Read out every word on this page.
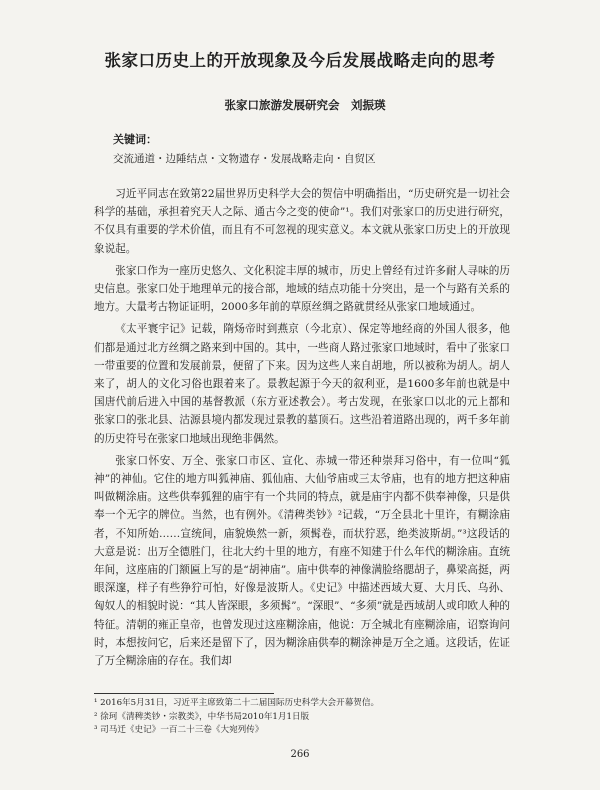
张家口历史上的开放现象及今后发展战略走向的思考
张家口旅游发展研究会　刘振瑛
关键词：
交流通道・边陲结点・文物遗存・发展战略走向・自贸区

习近平同志在致第22届世界历史科学大会的贺信中明确指出，“历史研究是一切社会科学的基础，承担着究天人之际、通古今之变的使命”¹。我们对张家口的历史进行研究，不仅具有重要的学术价值，而且有不可忽视的现实意义。本文就从张家口历史上的开放现象说起。

张家口作为一座历史悠久、文化积淀丰厚的城市，历史上曾经有过许多耐人寻味的历史信息。张家口处于地理单元的接合部，地域的结点功能十分突出，是一个与路有关系的地方。大量考古物证证明，2000多年前的草原丝绸之路就贯经从张家口地域通过。

《太平寰宇记》记载，隋炀帝时到燕京（今北京）、保定等地经商的外国人很多，他们都是通过北方丝绸之路来到中国的。其中，一些商人路过张家口地域时，看中了张家口一带重要的位置和发展前景，便留了下来。因为这些人来自胡地，所以被称为胡人。胡人来了，胡人的文化习俗也跟着来了。景教起源于今天的叙利亚，是1600多年前也就是中国唐代前后进入中国的基督教派（东方亚述教会）。考古发现，在张家口以北的元上都和张家口的张北县、沽源县境内都发现过景教的墓顶石。这些沿着道路出现的，两千多年前的历史符号在张家口地域出现绝非偶然。

张家口怀安、万全、张家口市区、宣化、赤城一带还种崇拜习俗中，有一位叫“狐神”的神仙。它住的地方叫狐神庙、狐仙庙、大仙爷庙或三太爷庙，也有的地方把这种庙叫做糊涂庙。这些供奉狐狸的庙宇有一个共同的特点，就是庙宇内都不供奉神像，只是供奉一个无字的牌位。当然，也有例外。《清稗类钞》²记载，“万全县北十里许，有糊涂庙者，不知所始……宣统间，庙貌焕然一新，须髯卷，而状狞恶，绝类波斯胡。”³这段话的大意是说：出万全德胜门，往北大约十里的地方，有座不知建于什么年代的糊涂庙。直统年间，这座庙的门额匾上写的是“胡神庙”。庙中供奉的神像满脸络腮胡子，鼻梁高挺，两眼深邃，样子有些狰狞可怕，好像是波斯人。《史记》中描述西域大夏、大月氏、乌孙、匈奴人的相貌时说：“其人皆深眼，多须髯”。“深眼”、“多须”就是西域胡人或印欧人种的特征。清朝的雍正皇帝，也曾发现过这座糊涂庙，他说：万全城北有座糊涂庙，诏察询问时，本想按问它，后来还是留下了，因为糊涂庙供奉的糊涂神是万全之通。这段话，佐证了万全糊涂庙的存在。我们却

¹ 2016年5月31日，习近平主席致第二十二届国际历史科学大会开幕贺信。
² 徐珂《清稗类钞・宗教类》，中华书局2010年1月1日版
³ 司马迁《史记》一百二十三卷《大宛列传》
266
